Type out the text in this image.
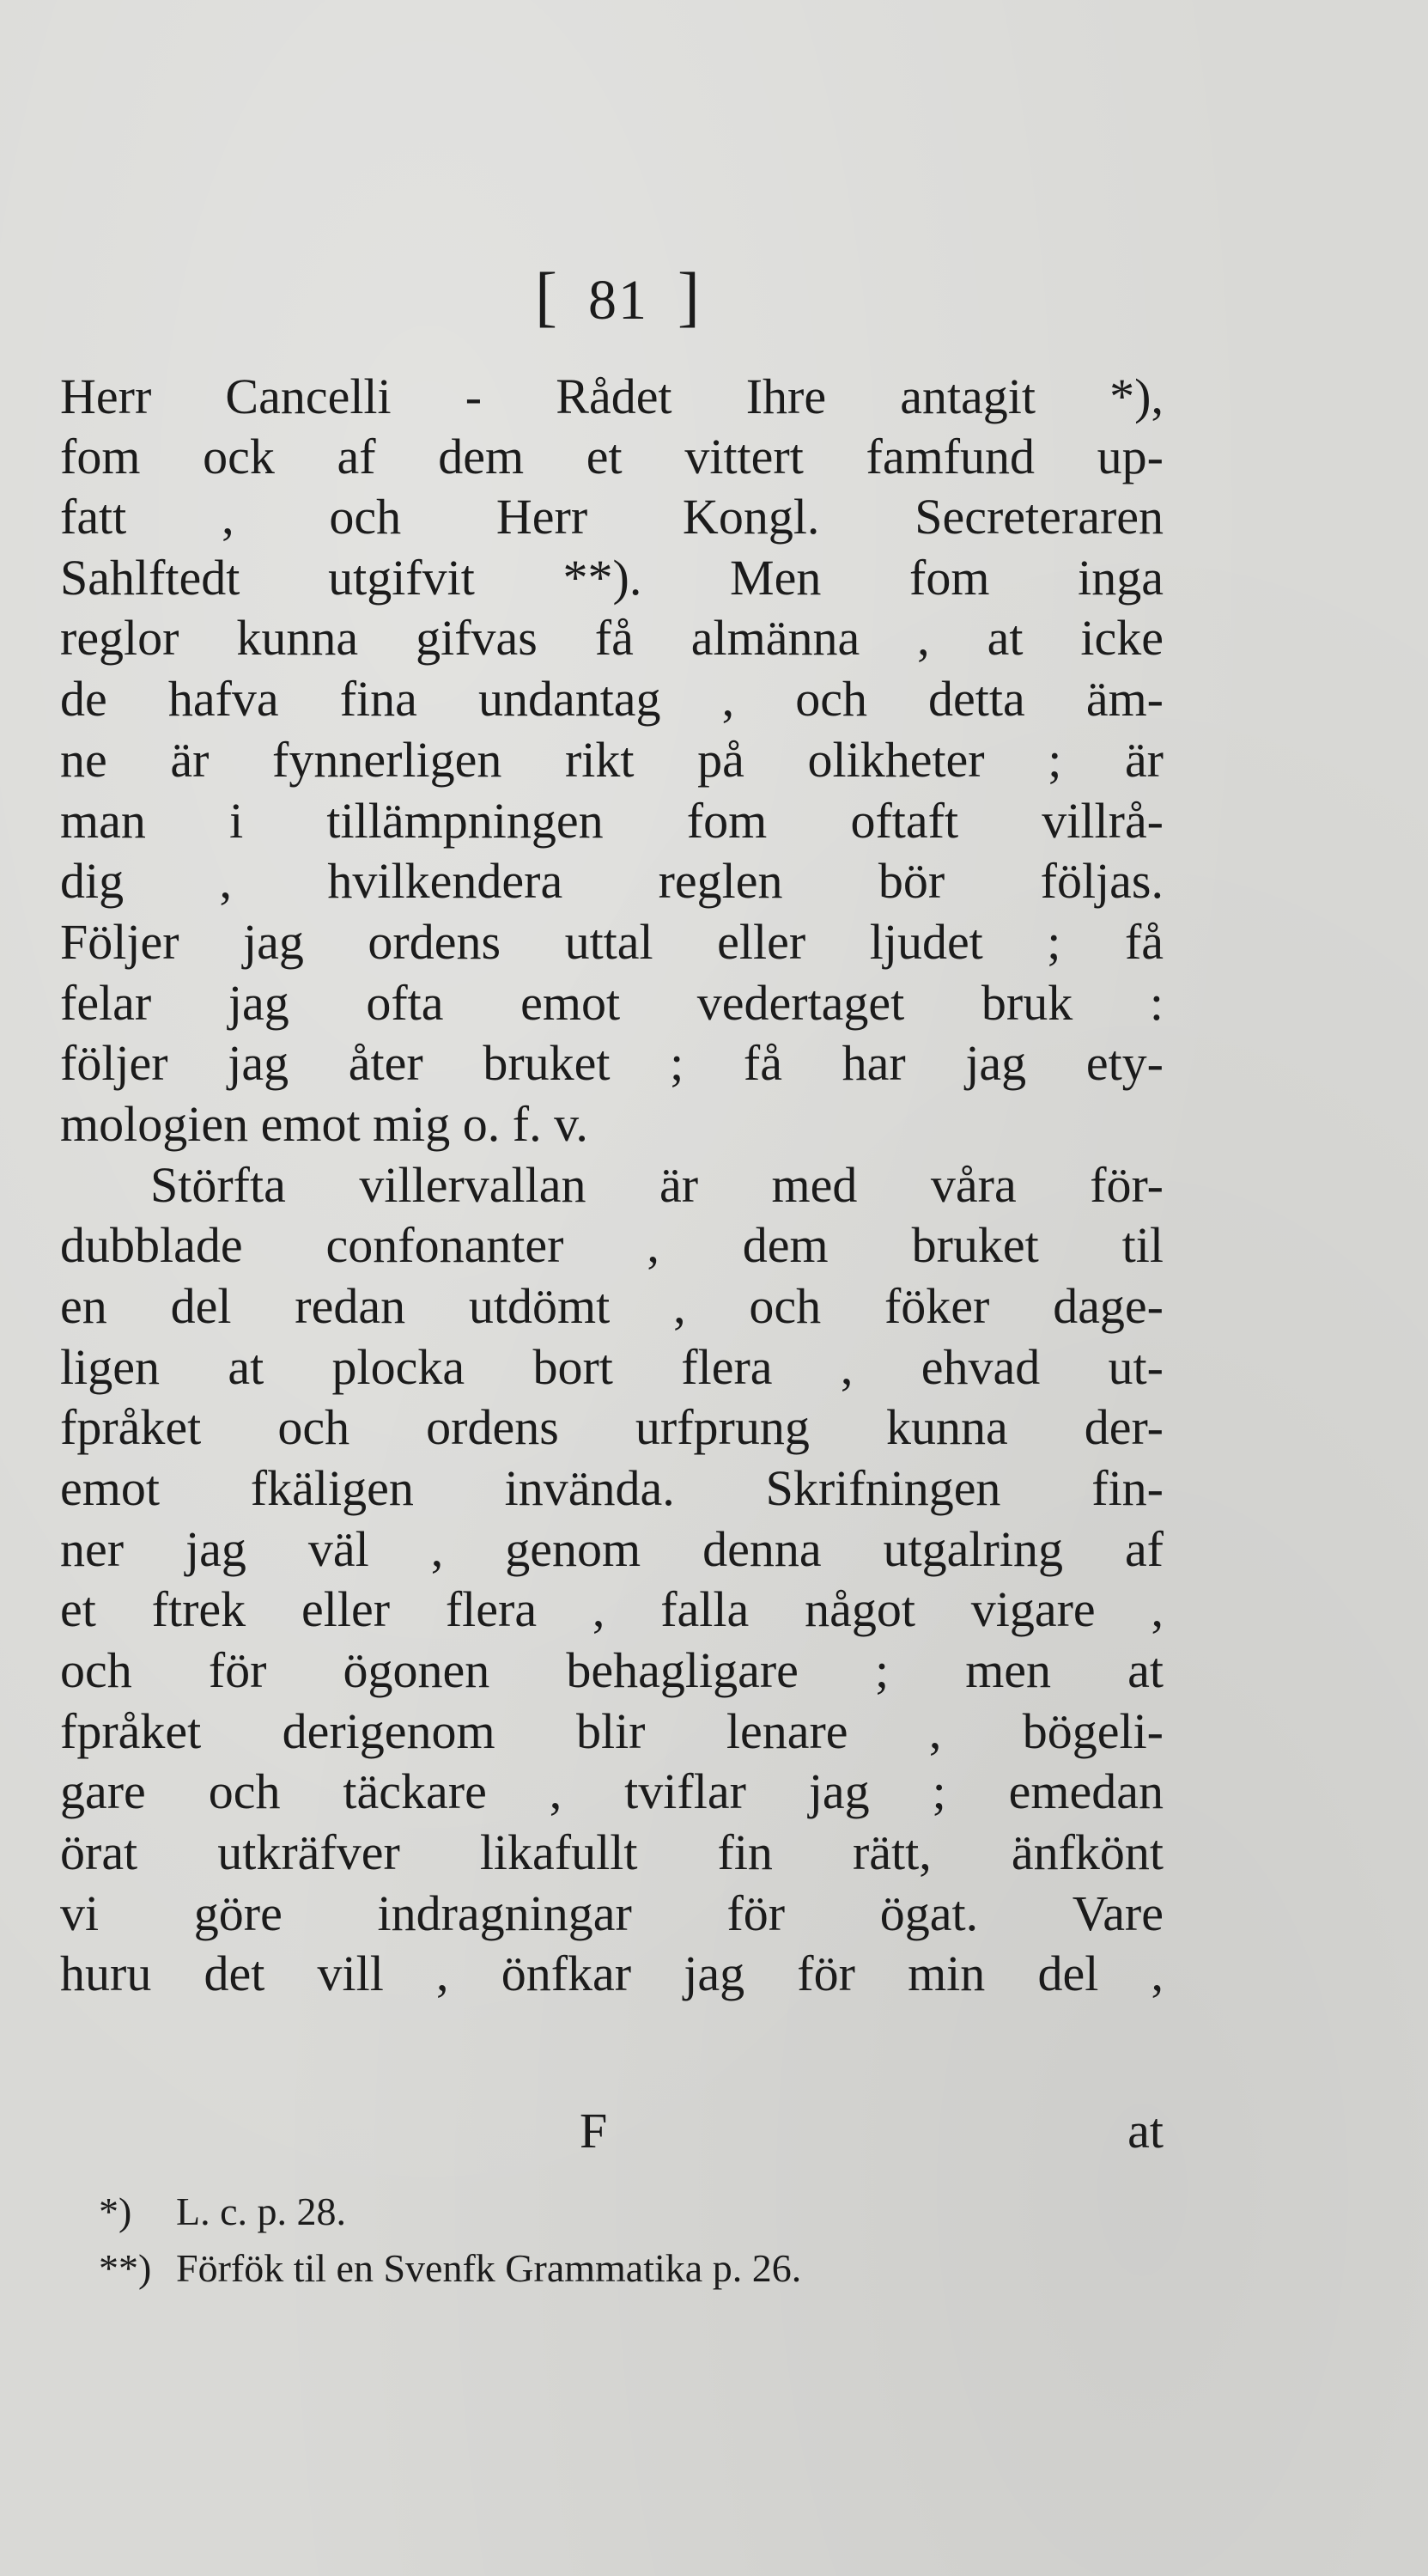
[ 81 ]
Herr Cancelli - Rådet Ihre antagit *),
fom ock af dem et vittert famfund up-
fatt , och Herr Kongl. Secreteraren
Sahlftedt utgifvit **). Men fom inga
reglor kunna gifvas få almänna , at icke
de hafva fina undantag , och detta äm-
ne är fynnerligen rikt på olikheter ; är
man i tillämpningen fom oftaft villrå-
dig , hvilkendera reglen bör följas.
Följer jag ordens uttal eller ljudet ; få
felar jag ofta emot vedertaget bruk :
följer jag åter bruket ; få har jag ety-
mologien emot mig o. f. v.
Störfta villervallan är med våra för-
dubblade confonanter , dem bruket til
en del redan utdömt , och föker dage-
ligen at plocka bort flera , ehvad ut-
fpråket och ordens urfprung kunna der-
emot fkäligen invända. Skrifningen fin-
ner jag väl , genom denna utgalring af
et ftrek eller flera , falla något vigare ,
och för ögonen behagligare ; men at
fpråket derigenom blir lenare , bögeli-
gare och täckare , tviflar jag ; emedan
örat utkräfver likafullt fin rätt, änfkönt
vi göre indragningar för ögat. Vare
huru det vill , önfkar jag för min del ,
F	at
*) L. c. p. 28.
**) Förfök til en Svenfk Grammatika p. 26.
